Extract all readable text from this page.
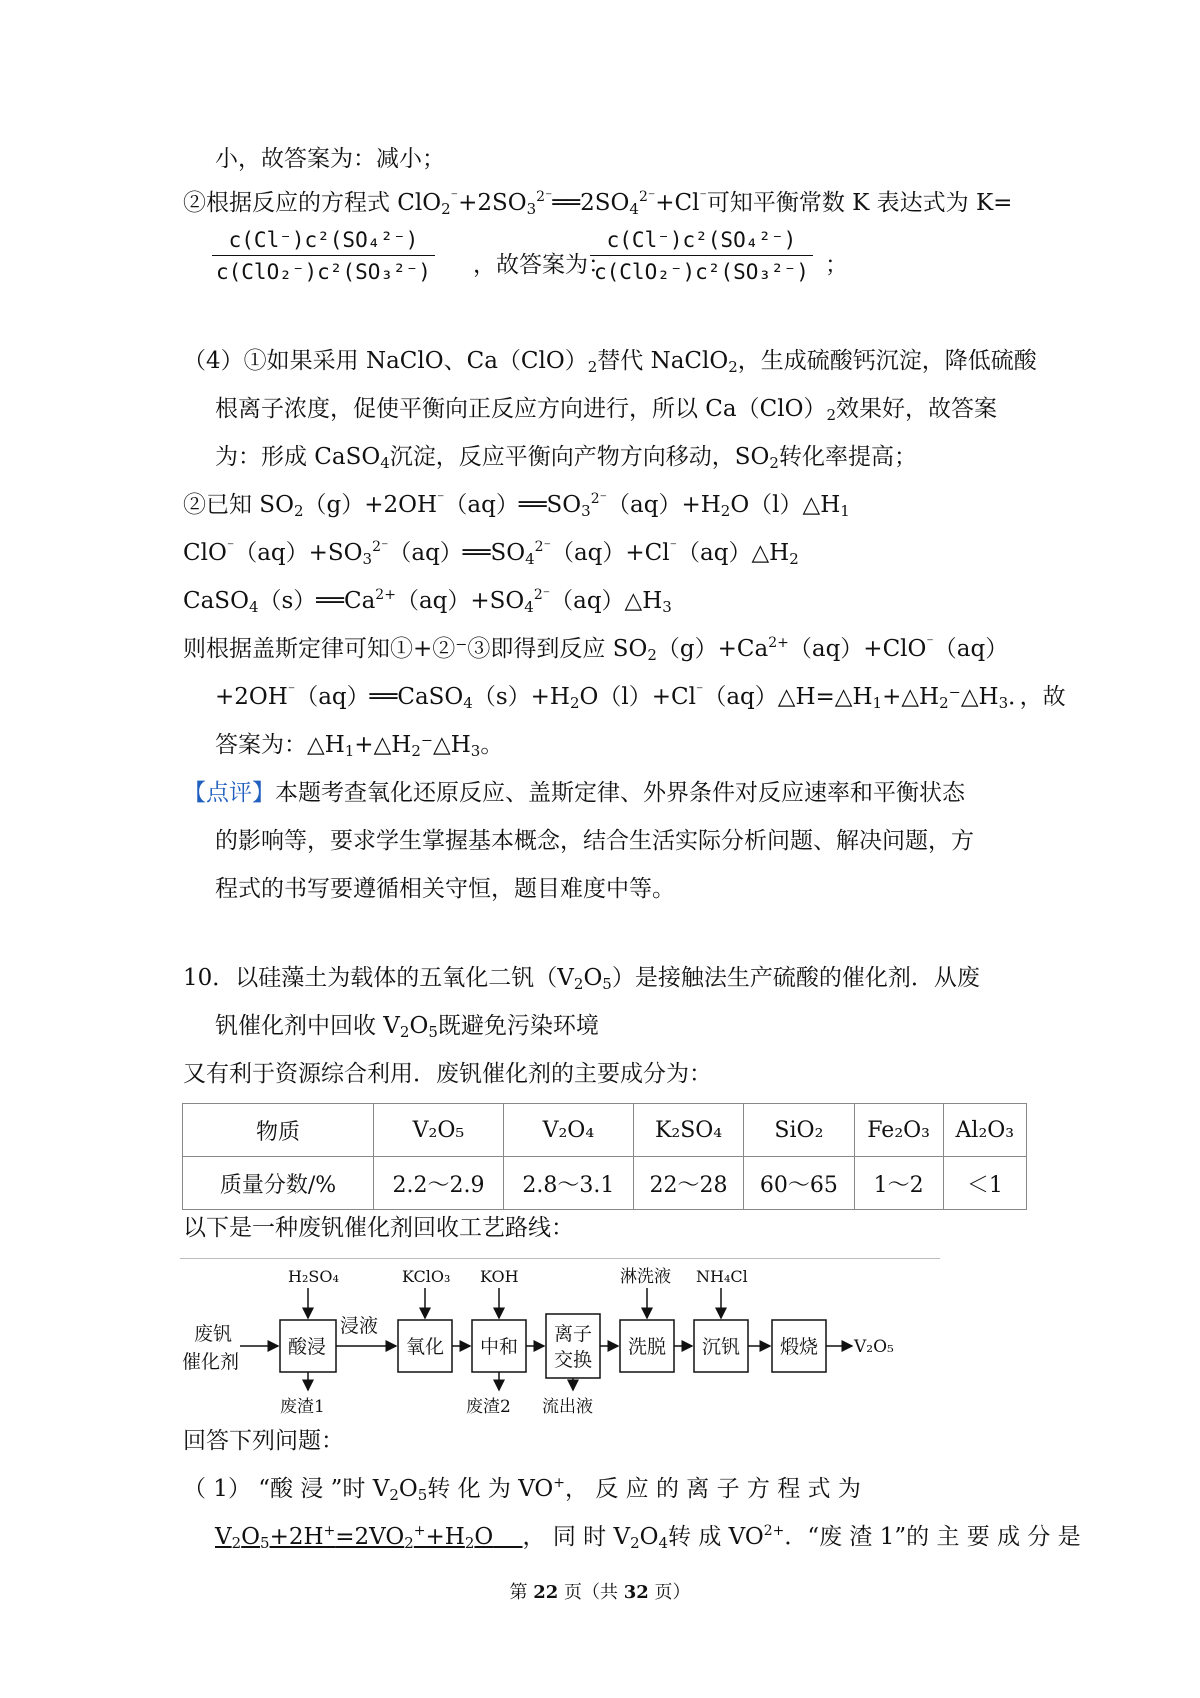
小，故答案为：减小；
②根据反应的方程式 $ClO_2^{^-}+2SO_3^{2^-}══2SO_4^{2^-}+Cl^{^-}$可知平衡常数 K 表达式为 K=
c(Cl⁻)c²(SO₄²⁻)
c(ClO₂⁻)c²(SO₃²⁻) ，故答案为：
c(Cl⁻)c²(SO₄²⁻)
c(ClO₂⁻)c²(SO₃²⁻) ；
（4）①如果采用 NaClO、$Ca(ClO)_2$替代 NaClO$_2$，生成硫酸钙沉淀，降低硫酸
根离子浓度，促使平衡向正反应方向进行，所以 $Ca(ClO)_2$效果好，故答案
为：形成 CaSO$_4$沉淀，反应平衡向产物方向移动，$SO_2$转化率提高；
②已知 $SO_2(g)+2OH^{^-}(aq)══SO_3^{2^-}(aq)+H_2O(l)\triangle H_1$
$ClO^{^-}(aq)+SO_3^{2^-}(aq)══SO_4^{2^-}(aq)+Cl^{^-}(aq)\triangle H_2$
$CaSO_4(s)══Ca^{2+}(aq)+SO_4^{2^-}(aq)\triangle H_3$
则根据盖斯定律可知①+②⁻③即得到反应 $SO_2(g)+Ca^{2+}(aq)+ClO^{^-}(aq)$
$+2OH^{^-}(aq)══CaSO_4(s)+H_2O(l)+Cl^{^-}(aq)\triangle H=\triangle H_1+\triangle H_2^-\triangle H_3$．，故
答案为：$\triangle H_1+\triangle H_2^-\triangle H_3$。
【点评】本题考查氧化还原反应、盖斯定律、外界条件对反应速率和平衡状态
的影响等，要求学生掌握基本概念，结合生活实际分析问题、解决问题，方
程式的书写要遵循相关守恒，题目难度中等。
10．以硅藻土为载体的五氧化二钒$(V_2O_5)$是接触法生产硫酸的催化剂．从废
钒催化剂中回收 $V_2O_5$既避免污染环境
又有利于资源综合利用．废钒催化剂的主要成分为：
物质	V₂O₅	V₂O₄	K₂SO₄	SiO₂	Fe₂O₃	Al₂O₃
质量分数/%	2.2～2.9	2.8～3.1	22～28	60～65	1～2	＜1
以下是一种废钒催化剂回收工艺路线：
废钒
催化剂
酸浸
H₂SO₄
废渣1
浸液
氧化
KClO₃
中和
KOH
废渣2
离子
交换
流出液
洗脱
淋洗液
沉钒
NH₄Cl
煅烧 V₂O₅
回答下列问题：
（ 1） “酸 浸 ”时 $V_2O_5$转 化 为 VO+， 反 应 的 离 子 方 程 式 为
$V_2O_5+2H^+=2VO_2^++H_2O$ ， 同 时 $V_2O_4$转 成 $VO^{2+}$．“废 渣 1”的 主 要 成 分 是
第 22 页（共 32 页）
